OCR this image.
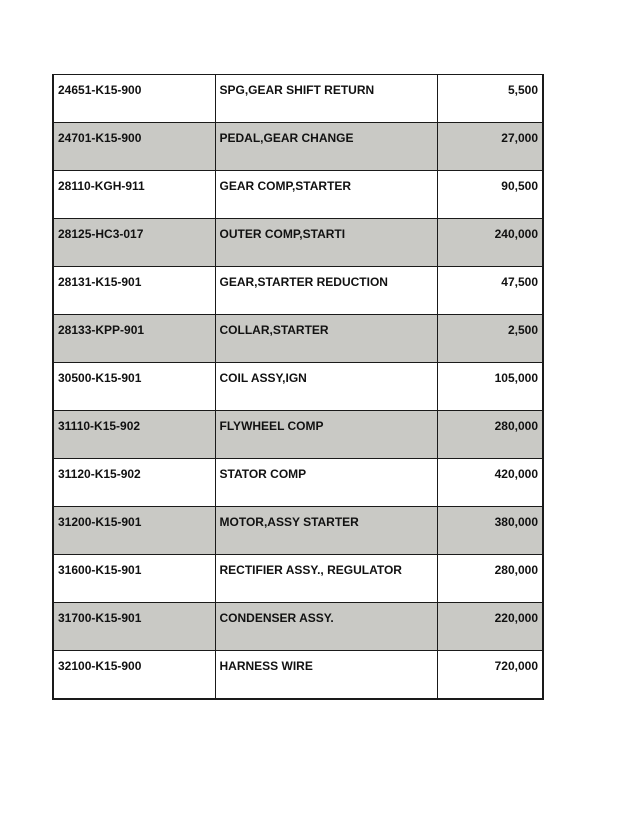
24651-K15-900	SPG,GEAR SHIFT RETURN	5,500
24701-K15-900	PEDAL,GEAR CHANGE	27,000
28110-KGH-911	GEAR COMP,STARTER	90,500
28125-HC3-017	OUTER COMP,STARTI	240,000
28131-K15-901	GEAR,STARTER REDUCTION	47,500
28133-KPP-901	COLLAR,STARTER	2,500
30500-K15-901	COIL ASSY,IGN	105,000
31110-K15-902	FLYWHEEL COMP	280,000
31120-K15-902	STATOR COMP	420,000
31200-K15-901	MOTOR,ASSY STARTER	380,000
31600-K15-901	RECTIFIER ASSY., REGULATOR	280,000
31700-K15-901	CONDENSER ASSY.	220,000
32100-K15-900	HARNESS WIRE	720,000
